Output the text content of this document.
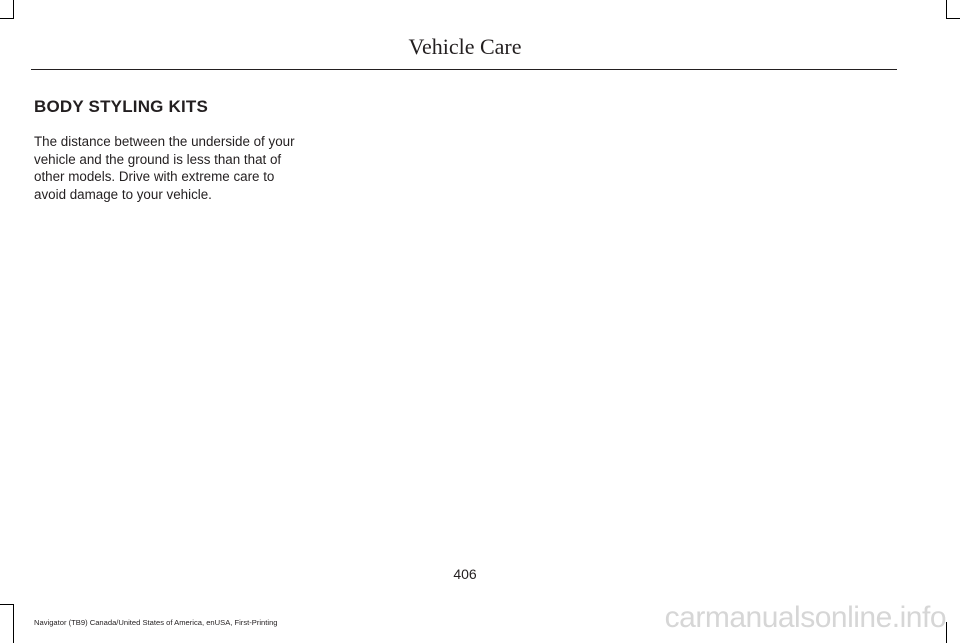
Vehicle Care
BODY STYLING KITS

The distance between the underside of your
vehicle and the ground is less than that of
other models. Drive with extreme care to
avoid damage to your vehicle.

406
Navigator (TB9) Canada/United States of America, enUSA, First-Printing	carmanualsonline.info
